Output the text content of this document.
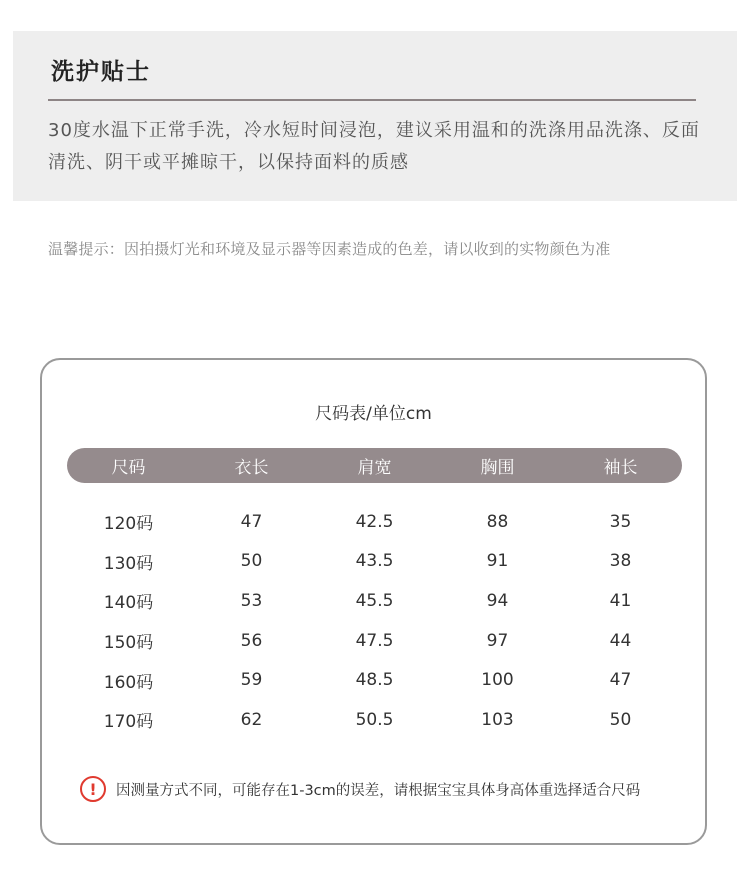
洗护贴士
30度水温下正常手洗，冷水短时间浸泡，建议采用温和的洗涤用品洗涤、反面清洗、阴干或平摊晾干，以保持面料的质感
温馨提示：因拍摄灯光和环境及显示器等因素造成的色差，请以收到的实物颜色为准
尺码表/单位cm
尺码	衣长	肩宽	胸围	袖长
120码	47	42.5	88	35
130码	50	43.5	91	38
140码	53	45.5	94	41
150码	56	47.5	97	44
160码	59	48.5	100	47
170码	62	50.5	103	50
!	因测量方式不同，可能存在1-3cm的误差，请根据宝宝具体身高体重选择适合尺码
